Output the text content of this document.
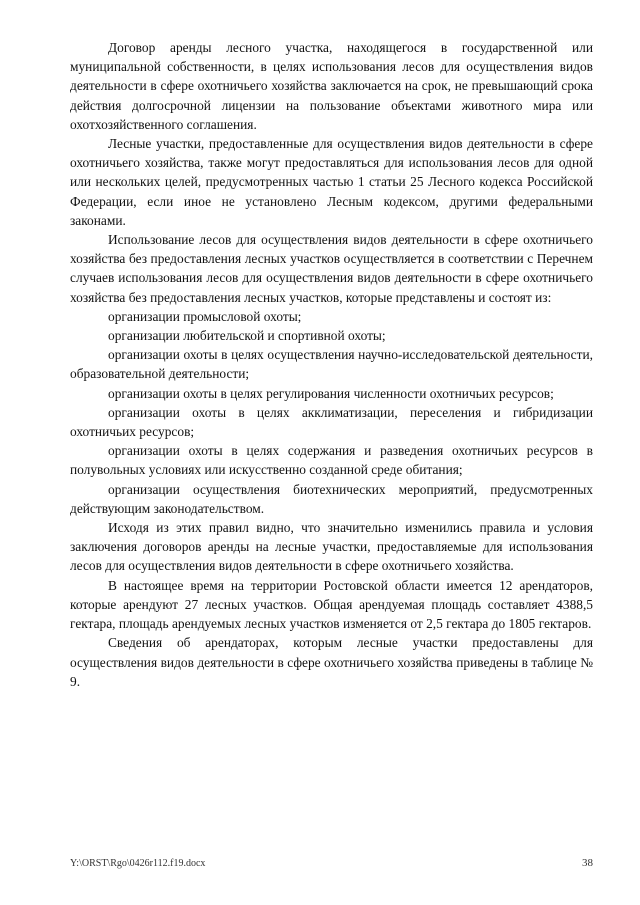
Договор аренды лесного участка, находящегося в государственной или муниципальной собственности, в целях использования лесов для осуществления видов деятельности в сфере охотничьего хозяйства заключается на срок, не превышающий срока действия долгосрочной лицензии на пользование объектами животного мира или охотхозяйственного соглашения.

Лесные участки, предоставленные для осуществления видов деятельности в сфере охотничьего хозяйства, также могут предоставляться для использования лесов для одной или нескольких целей, предусмотренных частью 1 статьи 25 Лесного кодекса Российской Федерации, если иное не установлено Лесным кодексом, другими федеральными законами.

Использование лесов для осуществления видов деятельности в сфере охотничьего хозяйства без предоставления лесных участков осуществляется в соответствии с Перечнем случаев использования лесов для осуществления видов деятельности в сфере охотничьего хозяйства без предоставления лесных участков, которые представлены и состоят из:

организации промысловой охоты;

организации любительской и спортивной охоты;

организации охоты в целях осуществления научно-исследовательской деятельности, образовательной деятельности;

организации охоты в целях регулирования численности охотничьих ресурсов;

организации охоты в целях акклиматизации, переселения и гибридизации охотничьих ресурсов;

организации охоты в целях содержания и разведения охотничьих ресурсов в полувольных условиях или искусственно созданной среде обитания;

организации осуществления биотехнических мероприятий, предусмотренных действующим законодательством.

Исходя из этих правил видно, что значительно изменились правила и условия заключения договоров аренды на лесные участки, предоставляемые для использования лесов для осуществления видов деятельности в сфере охотничьего хозяйства.

В настоящее время на территории Ростовской области имеется 12 арендаторов, которые арендуют 27 лесных участков. Общая арендуемая площадь составляет 4388,5 гектара, площадь арендуемых лесных участков изменяется от 2,5 гектара до 1805 гектаров.

Сведения об арендаторах, которым лесные участки предоставлены для осуществления видов деятельности в сфере охотничьего хозяйства приведены в таблице № 9.

Y:\ORST\Rgo\0426r112.f19.docx	38
